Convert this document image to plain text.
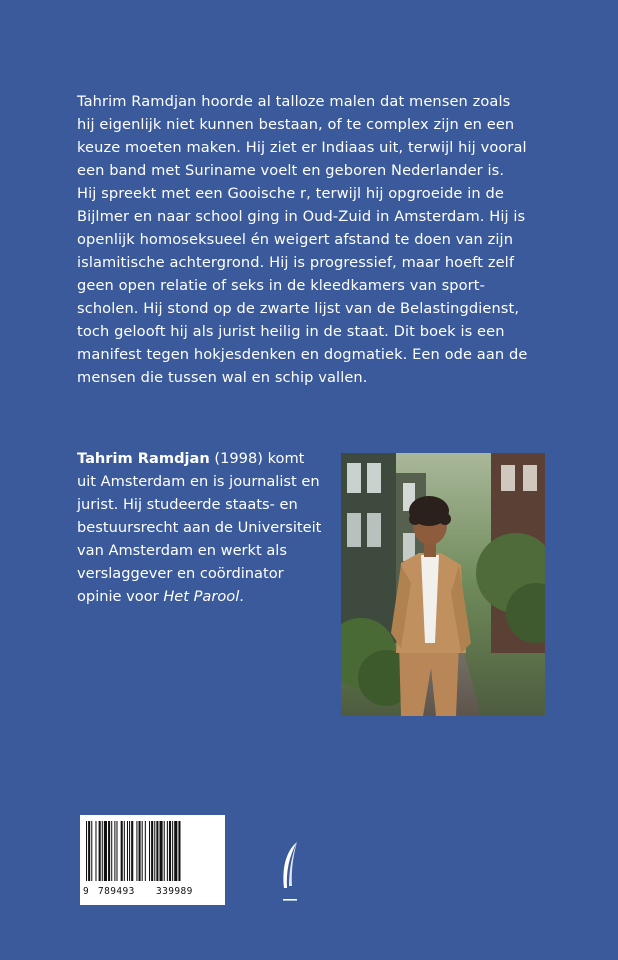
Tahrim Ramdjan hoorde al talloze malen dat mensen zoals
hij eigenlijk niet kunnen bestaan, of te complex zijn en een
keuze moeten maken. Hij ziet er Indiaas uit, terwijl hij vooral
een band met Suriname voelt en geboren Nederlander is.
Hij spreekt met een Gooische r, terwijl hij opgroeide in de
Bijlmer en naar school ging in Oud-Zuid in Amsterdam. Hij is
openlijk homoseksueel én weigert afstand te doen van zijn
islamitische achtergrond. Hij is progressief, maar hoeft zelf
geen open relatie of seks in de kleedkamers van sport-
scholen. Hij stond op de zwarte lijst van de Belastingdienst,
toch gelooft hij als jurist heilig in de staat. Dit boek is een
manifest tegen hokjesdenken en dogmatiek. Een ode aan de
mensen die tussen wal en schip vallen.
Tahrim Ramdjan (1998) komt
uit Amsterdam en is journalist en
jurist. Hij studeerde staats- en
bestuursrecht aan de Universiteit
van Amsterdam en werkt als
verslaggever en coördinator
opinie voor Het Parool.
9 789493 339989
